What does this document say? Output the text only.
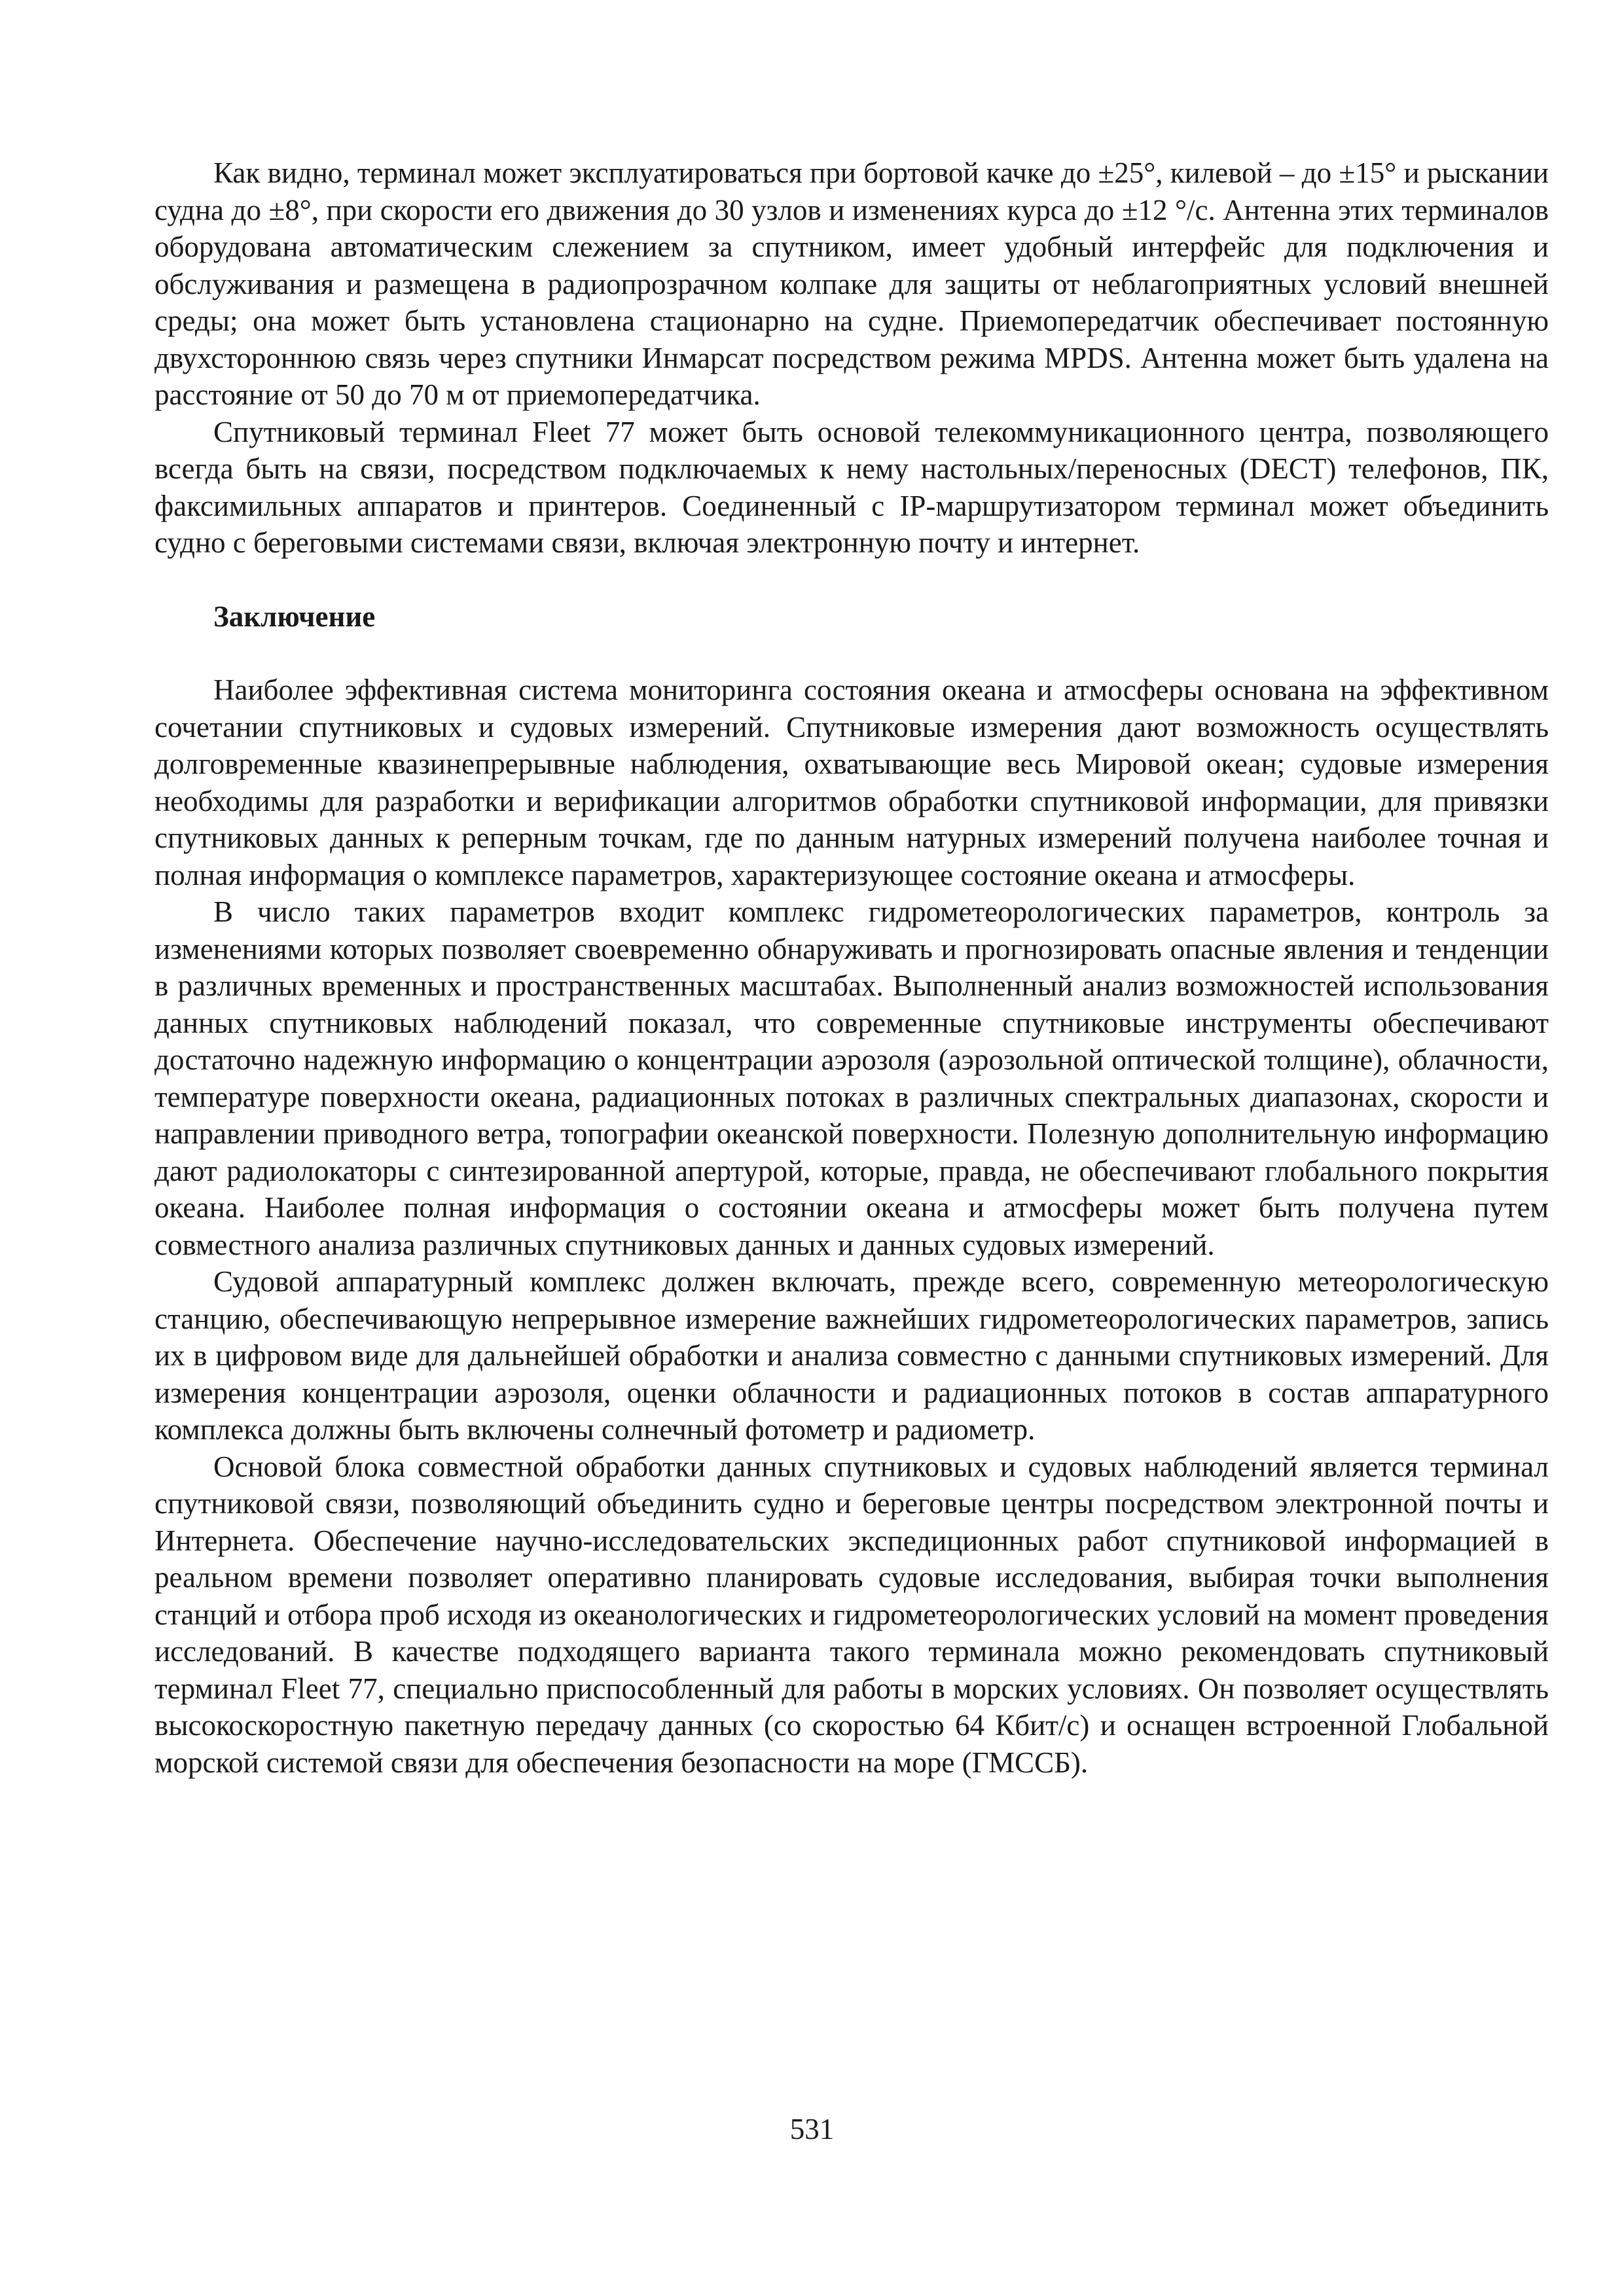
Как видно, терминал может эксплуатироваться при бортовой качке до ±25°, килевой – до ±15° и рыскании судна до ±8°, при скорости его движения до 30 узлов и изменениях курса до ±12 °/с. Антенна этих терминалов оборудована автоматическим слежением за спутником, имеет удобный интерфейс для подключения и обслуживания и размещена в радиопрозрачном колпаке для защиты от неблагоприятных условий внешней среды; она может быть установлена стационарно на судне. Приемопередатчик обеспечивает постоянную двухстороннюю связь через спутники Инмарсат посредством режима MPDS. Антенна может быть удалена на расстояние от 50 до 70 м от приемопередатчика.

Спутниковый терминал Fleet 77 может быть основой телекоммуникационного центра, позволяющего всегда быть на связи, посредством подключаемых к нему настольных/переносных (DECT) телефонов, ПК, факсимильных аппаратов и принтеров. Соединенный с IP-маршрутизатором терминал может объединить судно с береговыми системами связи, включая электронную почту и интернет.

Заключение

Наиболее эффективная система мониторинга состояния океана и атмосферы основана на эффективном сочетании спутниковых и судовых измерений. Спутниковые измерения дают возможность осуществлять долговременные квазинепрерывные наблюдения, охватывающие весь Мировой океан; судовые измерения необходимы для разработки и верификации алгоритмов обработки спутниковой информации, для привязки спутниковых данных к реперным точкам, где по данным натурных измерений получена наиболее точная и полная информация о комплексе параметров, характеризующее состояние океана и атмосферы.

В число таких параметров входит комплекс гидрометеорологических параметров, контроль за изменениями которых позволяет своевременно обнаруживать и прогнозировать опасные явления и тенденции в различных временных и пространственных масштабах. Выполненный анализ возможностей использования данных спутниковых наблюдений показал, что современные спутниковые инструменты обеспечивают достаточно надежную информацию о концентрации аэрозоля (аэрозольной оптической толщине), облачности, температуре поверхности океана, радиационных потоках в различных спектральных диапазонах, скорости и направлении приводного ветра, топографии океанской поверхности. Полезную дополнительную информацию дают радиолокаторы с синтезированной апертурой, которые, правда, не обеспечивают глобального покрытия океана. Наиболее полная информация о состоянии океана и атмосферы может быть получена путем совместного анализа различных спутниковых данных и данных судовых измерений.

Судовой аппаратурный комплекс должен включать, прежде всего, современную метеорологическую станцию, обеспечивающую непрерывное измерение важнейших гидрометеорологических параметров, запись их в цифровом виде для дальнейшей обработки и анализа совместно с данными спутниковых измерений. Для измерения концентрации аэрозоля, оценки облачности и радиационных потоков в состав аппаратурного комплекса должны быть включены солнечный фотометр и радиометр.

Основой блока совместной обработки данных спутниковых и судовых наблюдений является терминал спутниковой связи, позволяющий объединить судно и береговые центры посредством электронной почты и Интернета. Обеспечение научно-исследовательских экспедиционных работ спутниковой информацией в реальном времени позволяет оперативно планировать судовые исследования, выбирая точки выполнения станций и отбора проб исходя из океанологических и гидрометеорологических условий на момент проведения исследований. В качестве подходящего варианта такого терминала можно рекомендовать спутниковый терминал Fleet 77, специально приспособленный для работы в морских условиях. Он позволяет осуществлять высокоскоростную пакетную передачу данных (со скоростью 64 Кбит/с) и оснащен встроенной Глобальной морской системой связи для обеспечения безопасности на море (ГМССБ).

531
